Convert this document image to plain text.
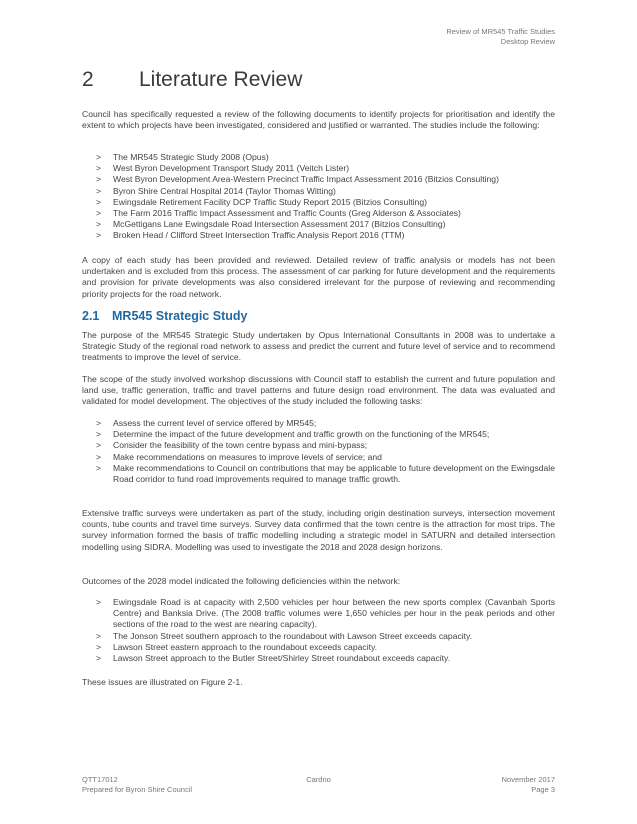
Review of MR545 Traffic Studies
Desktop Review
2 Literature Review
Council has specifically requested a review of the following documents to identify projects for prioritisation and identify the extent to which projects have been investigated, considered and justified or warranted. The studies include the following:
> The MR545 Strategic Study 2008 (Opus)
> West Byron Development Transport Study 2011 (Veitch Lister)
> West Byron Development Area-Western Precinct Traffic Impact Assessment 2016 (Bitzios Consulting)
> Byron Shire Central Hospital 2014 (Taylor Thomas Witting)
> Ewingsdale Retirement Facility DCP Traffic Study Report 2015 (Bitzios Consulting)
> The Farm 2016 Traffic Impact Assessment and Traffic Counts (Greg Alderson & Associates)
> McGettigans Lane Ewingsdale Road Intersection Assessment 2017 (Bitzios Consulting)
> Broken Head / Clifford Street Intersection Traffic Analysis Report 2016 (TTM)
A copy of each study has been provided and reviewed. Detailed review of traffic analysis or models has not been undertaken and is excluded from this process. The assessment of car parking for future development and the requirements and provision for private developments was also considered irrelevant for the purpose of reviewing and recommending priority projects for the road network.
2.1 MR545 Strategic Study
The purpose of the MR545 Strategic Study undertaken by Opus International Consultants in 2008 was to undertake a Strategic Study of the regional road network to assess and predict the current and future level of service and to recommend treatments to improve the level of service.
The scope of the study involved workshop discussions with Council staff to establish the current and future population and land use, traffic generation, traffic and travel patterns and future design road environment. The data was evaluated and validated for model development. The objectives of the study included the following tasks:
> Assess the current level of service offered by MR545;
> Determine the impact of the future development and traffic growth on the functioning of the MR545;
> Consider the feasibility of the town centre bypass and mini-bypass;
> Make recommendations on measures to improve levels of service; and
> Make recommendations to Council on contributions that may be applicable to future development on the Ewingsdale Road corridor to fund road improvements required to manage traffic growth.
Extensive traffic surveys were undertaken as part of the study, including origin destination surveys, intersection movement counts, tube counts and travel time surveys. Survey data confirmed that the town centre is the attraction for most trips. The survey information formed the basis of traffic modelling including a strategic model in SATURN and detailed intersection modelling using SIDRA. Modelling was used to investigate the 2018 and 2028 design horizons.
Outcomes of the 2028 model indicated the following deficiencies within the network:
> Ewingsdale Road is at capacity with 2,500 vehicles per hour between the new sports complex (Cavanbah Sports Centre) and Banksia Drive. (The 2008 traffic volumes were 1,650 vehicles per hour in the peak periods and other sections of the road to the west are nearing capacity).
> The Jonson Street southern approach to the roundabout with Lawson Street exceeds capacity.
> Lawson Street eastern approach to the roundabout exceeds capacity.
> Lawson Street approach to the Butler Street/Shirley Street roundabout exceeds capacity.
These issues are illustrated on Figure 2-1.
QTT17012
Prepared for Byron Shire Council
Cardno	November 2017
Page 3
